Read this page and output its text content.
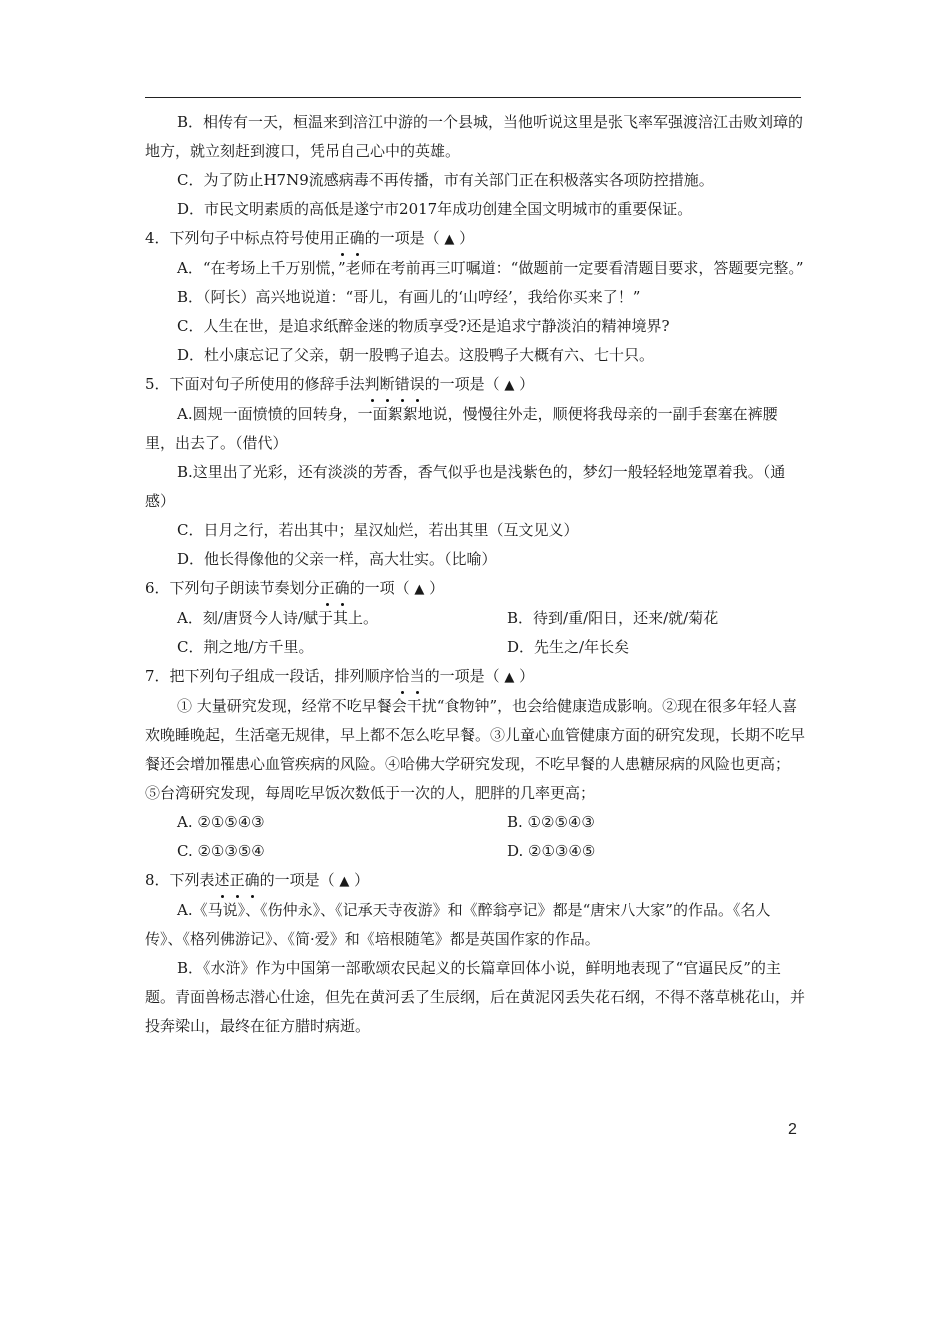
B．相传有一天，桓温来到涪江中游的一个县城，当他听说这里是张飞率军强渡涪江击败刘璋的地方，就立刻赶到渡口，凭吊自己心中的英雄。

C．为了防止H7N9流感病毒不再传播，市有关部门正在积极落实各项防控措施。

D．市民文明素质的高低是遂宁市2017年成功创建全国文明城市的重要保证。

4．下列句子中标点符号使用正确的一项是（ ▲ ）

A．“在考场上千万别慌，”老师在考前再三叮嘱道：“做题前一定要看清题目要求，答题要完整。”

B．（阿长）高兴地说道：“哥儿，有画儿的‘山哼经’，我给你买来了！”

C．人生在世，是追求纸醉金迷的物质享受?还是追求宁静淡泊的精神境界?

D．杜小康忘记了父亲，朝一股鸭子追去。这股鸭子大概有六、七十只。

5．下面对句子所使用的修辞手法判断错误的一项是（ ▲ ）

A.圆规一面愤愤的回转身，一面絮絮地说，慢慢往外走，顺便将我母亲的一副手套塞在裤腰里，出去了。（借代）

B.这里出了光彩，还有淡淡的芳香，香气似乎也是浅紫色的，梦幻一般轻轻地笼罩着我。（通感）

C．日月之行，若出其中；星汉灿烂，若出其里（互文见义）

D．他长得像他的父亲一样，高大壮实。（比喻）

6．下列句子朗读节奏划分正确的一项（ ▲ ）

A．刻/唐贤今人诗/赋于其上。	B．待到/重/阳日，还来/就/菊花
C．荆之地/方千里。	D．先生之/年长矣

7．把下列句子组成一段话，排列顺序恰当的一项是（ ▲ ）

① 大量研究发现，经常不吃早餐会干扰“食物钟”，也会给健康造成影响。②现在很多年轻人喜欢晚睡晚起，生活毫无规律，早上都不怎么吃早餐。③儿童心血管健康方面的研究发现，长期不吃早餐还会增加罹患心血管疾病的风险。④哈佛大学研究发现，不吃早餐的人患糖尿病的风险也更高； ⑤台湾研究发现，每周吃早饭次数低于一次的人，肥胖的几率更高；

A. ②①⑤④③	B. ①②⑤④③
C. ②①③⑤④	D. ②①③④⑤

8．下列表述正确的一项是（ ▲ ）

A.《马说》、《伤仲永》、《记承天寺夜游》和《醉翁亭记》都是“唐宋八大家”的作品。《名人传》、《格列佛游记》、《简·爱》和《培根随笔》都是英国作家的作品。

B．《水浒》作为中国第一部歌颂农民起义的长篇章回体小说，鲜明地表现了“官逼民反”的主题。青面兽杨志潜心仕途，但先在黄河丢了生辰纲，后在黄泥冈丢失花石纲，不得不落草桃花山，并投奔梁山，最终在征方腊时病逝。

2
